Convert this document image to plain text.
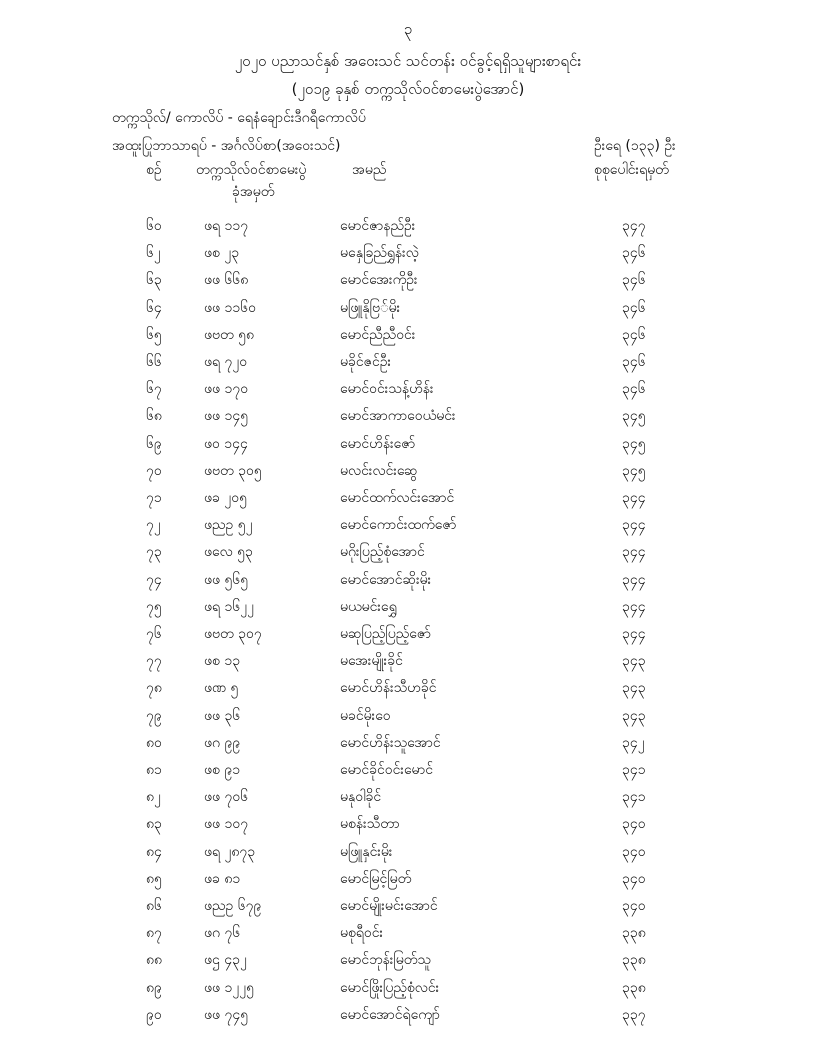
၃
၂၀၂၀ ပညာသင်နှစ် အဝေးသင် သင်တန်း ဝင်ခွင့်ရရှိသူများစာရင်း
(၂၀၁၉ ခုနှစ် တက္ကသိုလ်ဝင်စာမေးပွဲအောင်)
တက္ကသိုလ်/ ကောလိပ် - ရေနံချောင်းဒီဂရီကောလိပ်
အထူးပြုဘာသာရပ် - အင်္ဂလိပ်စာ(အဝေးသင်)	ဦးရေ (၁၃၃) ဦး
စဉ် တက္ကသိုလ်ဝင်စာမေးပွဲ
ခုံအမှတ်
အမည်	စုစုပေါင်းရမှတ်
၆၀	ဖရ ၁၁၇	မောင်ဇာနည်ဦး	၃၄၇
၆၂	ဖစ ၂၃	မနှေခြည်ရွှန်းလဲ့	၃၄၆
၆၃	ဖဖ ၆၆၈	မောင်အေးကိုဦး	၃၄၆
၆၄	ဖဖ ၁၁၆၀	မဖြူနိုဗြ်မိုး	၃၄၆
၆၅	ဖဗတ ၅၈	မောင်ညီညီဝင်း	၃၄၆
၆၆	ဖရ ၇၂၀	မခိုင်ဇင်ဦး	၃၄၆
၆၇	ဖဖ ၁၇၀	မောင်ဝင်းသန့်ဟိန်း	၃၄၆
၆၈	ဖဖ ၁၄၅	မောင်အာကာဝေယံမင်း	၃၄၅
၆၉	ဖဝ ၁၄၄	မောင်ဟိန်းဇော်	၃၄၅
၇၀	ဖဗတ ၃၀၅	မလင်းလင်းဆွေ	၃၄၅
၇၁	ဖခ ၂၀၅	မောင်ထက်လင်းအောင်	၃၄၄
၇၂	ဖညဥ ၅၂	မောင်ကောင်းထက်ဇော်	၃၄၄
၇၃	ဖလေ ၅၃	မဂိုးပြည့်စုံအောင်	၃၄၄
၇၄	ဖဖ ၅၆၅	မောင်အောင်ဆိုးမိုး	၃၄၄
၇၅	ဖရ ၁၆၂၂	မယမင်းရွှေ	၃၄၄
၇၆	ဖဗတ ၃၀၇	မဆုပြည့်ပြည့်ဇော်	၃၄၄
၇၇	ဖစ ၁၃	မအေးမျိုးခိုင်	၃၄၃
၇၈	ဖဏ ၅	မောင်ဟိန်းသီဟခိုင်	၃၄၃
၇၉	ဖဖ ၃၆	မခင်မိုးဝေ	၃၄၃
၈၀	ဖဂ ၉၉	မောင်ဟိန်းသူအောင်	၃၄၂
၈၁	ဖစ ၉၁	မောင်ခိုင်ဝင်းမောင်	၃၄၁
၈၂	ဖဖ ၇၀၆	မနုဝါခိုင်	၃၄၁
၈၃	ဖဖ ၁၀၇	မစန်းသီတာ	၃၄၀
၈၄	ဖရ ၂၈၇၃	မဖြူနှင်းမိုး	၃၄၀
၈၅	ဖခ ၈၁	မောင်မြင့်မြတ်	၃၄၀
၈၆	ဖညဥ ၆၇၉	မောင်မျိုးမင်းအောင်	၃၄၀
၈၇	ဖဂ ၇၆	မစုရီဝင်း	၃၃၈
၈၈	ဖဌ ၄၃၂	မောင်ဘုန်းမြတ်သူ	၃၃၈
၈၉	ဖဖ ၁၂၂၅	မောင်ဖြိုးပြည့်စုံလင်း	၃၃၈
၉၀	ဖဖ ၇၄၅	မောင်အောင်ရဲကျော်	၃၃၇
